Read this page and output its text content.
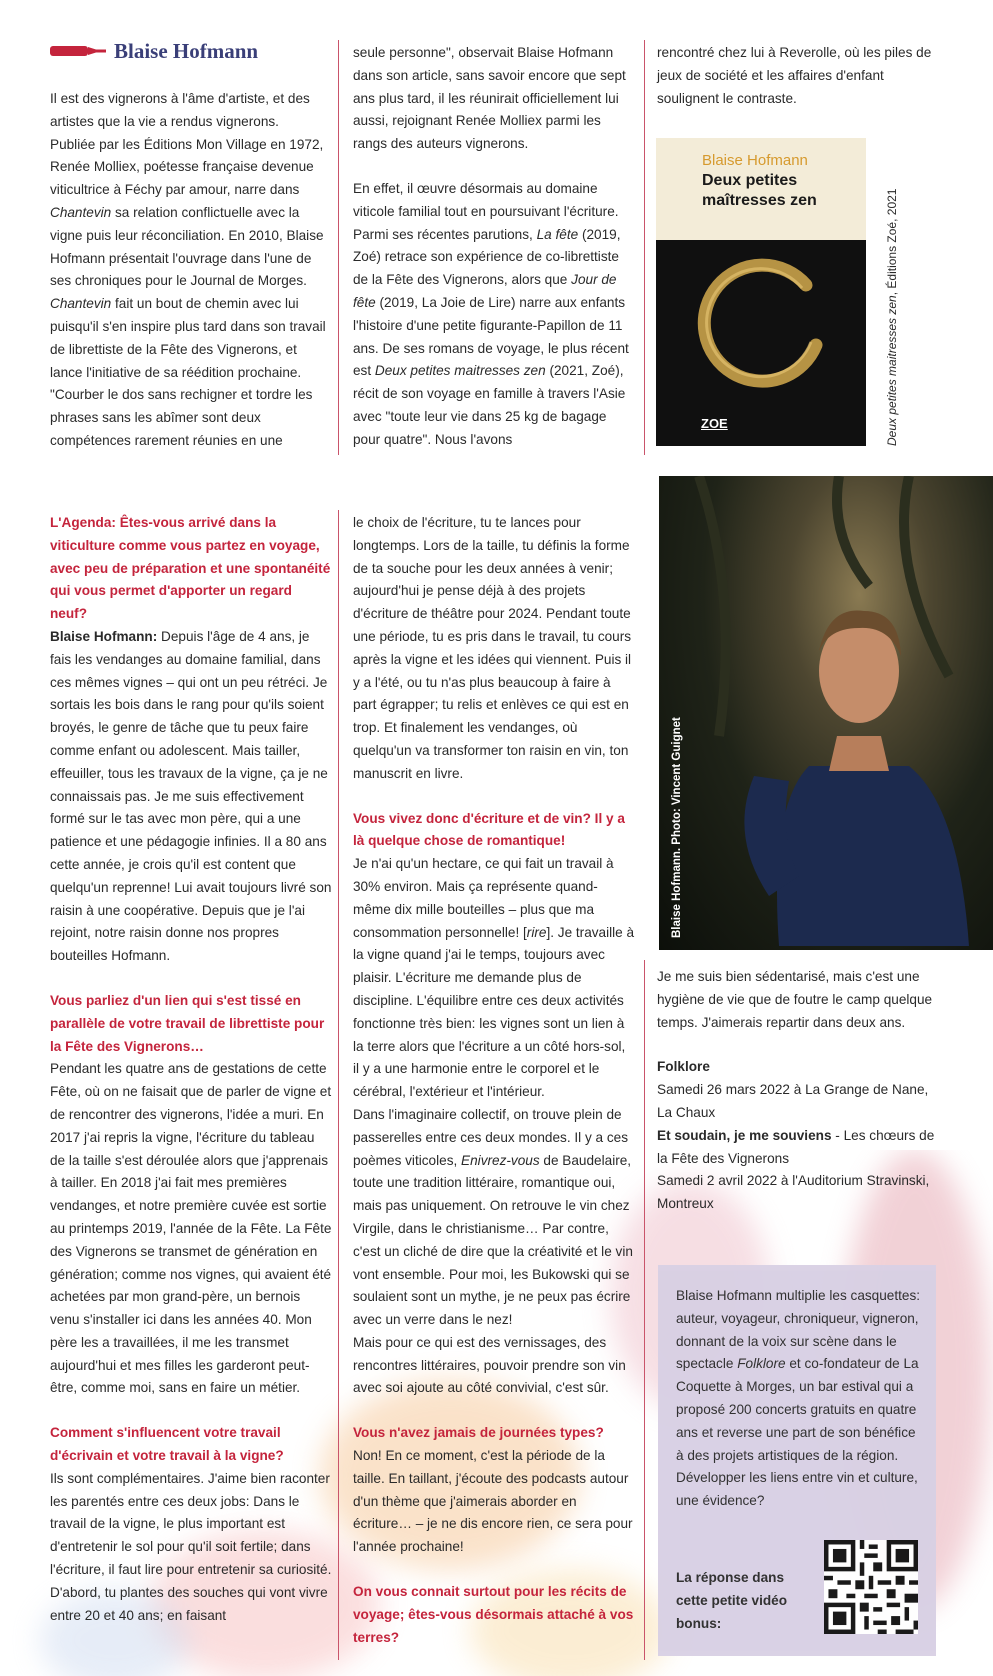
Blaise Hofmann

Il est des vignerons à l'âme d'artiste, et des artistes que la vie a rendus vignerons. Publiée par les Éditions Mon Village en 1972, Renée Molliex, poétesse française devenue viticultrice à Féchy par amour, narre dans Chantevin sa relation conflictuelle avec la vigne puis leur réconciliation. En 2010, Blaise Hofmann présentait l'ouvrage dans l'une de ses chroniques pour le Journal de Morges. Chantevin fait un bout de chemin avec lui puisqu'il s'en inspire plus tard dans son travail de librettiste de la Fête des Vignerons, et lance l'initiative de sa réédition prochaine. "Courber le dos sans rechigner et tordre les phrases sans les abîmer sont deux compétences rarement réunies en une

seule personne", observait Blaise Hofmann dans son article, sans savoir encore que sept ans plus tard, il les réunirait officiellement lui aussi, rejoignant Renée Molliex parmi les rangs des auteurs vignerons.

En effet, il œuvre désormais au domaine viticole familial tout en poursuivant l'écriture. Parmi ses récentes parutions, La fête (2019, Zoé) retrace son expérience de co-librettiste de la Fête des Vignerons, alors que Jour de fête (2019, La Joie de Lire) narre aux enfants l'histoire d'une petite figurante-Papillon de 11 ans. De ses romans de voyage, le plus récent est Deux petites maitresses zen (2021, Zoé), récit de son voyage en famille à travers l'Asie avec "toute leur vie dans 25 kg de bagage pour quatre". Nous l'avons

rencontré chez lui à Reverolle, où les piles de jeux de société et les affaires d'enfant soulignent le contraste.

Blaise Hofmann
Deux petites
maîtresses zen
ZOE	Deux petites maitresses zen, Éditions Zoé, 2021
Blaise Hofmann. Photo: Vincent Guignet

L'Agenda: Êtes-vous arrivé dans la viticulture comme vous partez en voyage, avec peu de préparation et une spontanéité qui vous permet d'apporter un regard neuf?

Blaise Hofmann: Depuis l'âge de 4 ans, je fais les vendanges au domaine familial, dans ces mêmes vignes – qui ont un peu rétréci. Je sortais les bois dans le rang pour qu'ils soient broyés, le genre de tâche que tu peux faire comme enfant ou adolescent. Mais tailler, effeuiller, tous les travaux de la vigne, ça je ne connaissais pas. Je me suis effectivement formé sur le tas avec mon père, qui a une patience et une pédagogie infinies. Il a 80 ans cette année, je crois qu'il est content que quelqu'un reprenne! Lui avait toujours livré son raisin à une coopérative. Depuis que je l'ai rejoint, notre raisin donne nos propres bouteilles Hofmann.

Vous parliez d'un lien qui s'est tissé en parallèle de votre travail de librettiste pour la Fête des Vignerons…

Pendant les quatre ans de gestations de cette Fête, où on ne faisait que de parler de vigne et de rencontrer des vignerons, l'idée a muri. En 2017 j'ai repris la vigne, l'écriture du tableau de la taille s'est déroulée alors que j'apprenais à tailler. En 2018 j'ai fait mes premières vendanges, et notre première cuvée est sortie au printemps 2019, l'année de la Fête. La Fête des Vignerons se transmet de génération en génération; comme nos vignes, qui avaient été achetées par mon grand-père, un bernois venu s'installer ici dans les années 40. Mon père les a travaillées, il me les transmet aujourd'hui et mes filles les garderont peut-être, comme moi, sans en faire un métier.

Comment s'influencent votre travail d'écrivain et votre travail à la vigne?

Ils sont complémentaires. J'aime bien raconter les parentés entre ces deux jobs: Dans le travail de la vigne, le plus important est d'entretenir le sol pour qu'il soit fertile; dans l'écriture, il faut lire pour entretenir sa curiosité. D'abord, tu plantes des souches qui vont vivre entre 20 et 40 ans; en faisant

le choix de l'écriture, tu te lances pour longtemps. Lors de la taille, tu définis la forme de ta souche pour les deux années à venir; aujourd'hui je pense déjà à des projets d'écriture de théâtre pour 2024. Pendant toute une période, tu es pris dans le travail, tu cours après la vigne et les idées qui viennent. Puis il y a l'été, ou tu n'as plus beaucoup à faire à part égrapper; tu relis et enlèves ce qui est en trop. Et finalement les vendanges, où quelqu'un va transformer ton raisin en vin, ton manuscrit en livre.

Vous vivez donc d'écriture et de vin? Il y a là quelque chose de romantique!

Je n'ai qu'un hectare, ce qui fait un travail à 30% environ. Mais ça représente quand-même dix mille bouteilles – plus que ma consommation personnelle! [rire]. Je travaille à la vigne quand j'ai le temps, toujours avec plaisir. L'écriture me demande plus de discipline. L'équilibre entre ces deux activités fonctionne très bien: les vignes sont un lien à la terre alors que l'écriture a un côté hors-sol, il y a une harmonie entre le corporel et le cérébral, l'extérieur et l'intérieur.

Dans l'imaginaire collectif, on trouve plein de passerelles entre ces deux mondes. Il y a ces poèmes viticoles, Enivrez-vous de Baudelaire, toute une tradition littéraire, romantique oui, mais pas uniquement. On retrouve le vin chez Virgile, dans le christianisme… Par contre, c'est un cliché de dire que la créativité et le vin vont ensemble. Pour moi, les Bukowski qui se soulaient sont un mythe, je ne peux pas écrire avec un verre dans le nez!

Mais pour ce qui est des vernissages, des rencontres littéraires, pouvoir prendre son vin avec soi ajoute au côté convivial, c'est sûr.

Vous n'avez jamais de journées types?

Non! En ce moment, c'est la période de la taille. En taillant, j'écoute des podcasts autour d'un thème que j'aimerais aborder en écriture… – je ne dis encore rien, ce sera pour l'année prochaine!

On vous connait surtout pour les récits de voyage; êtes-vous désormais attaché à vos terres?

Je me suis bien sédentarisé, mais c'est une hygiène de vie que de foutre le camp quelque temps. J'aimerais repartir dans deux ans.

Folklore

Samedi 26 mars 2022 à La Grange de Nane, La Chaux

Et soudain, je me souviens - Les chœurs de la Fête des Vignerons

Samedi 2 avril 2022 à l'Auditorium Stravinski, Montreux

Blaise Hofmann multiplie les casquettes: auteur, voyageur, chroniqueur, vigneron, donnant de la voix sur scène dans le spectacle Folklore et co-fondateur de La Coquette à Morges, un bar estival qui a proposé 200 concerts gratuits en quatre ans et reverse une part de son bénéfice à des projets artistiques de la région. Développer les liens entre vin et culture, une évidence?

La réponse dans cette petite vidéo bonus:
